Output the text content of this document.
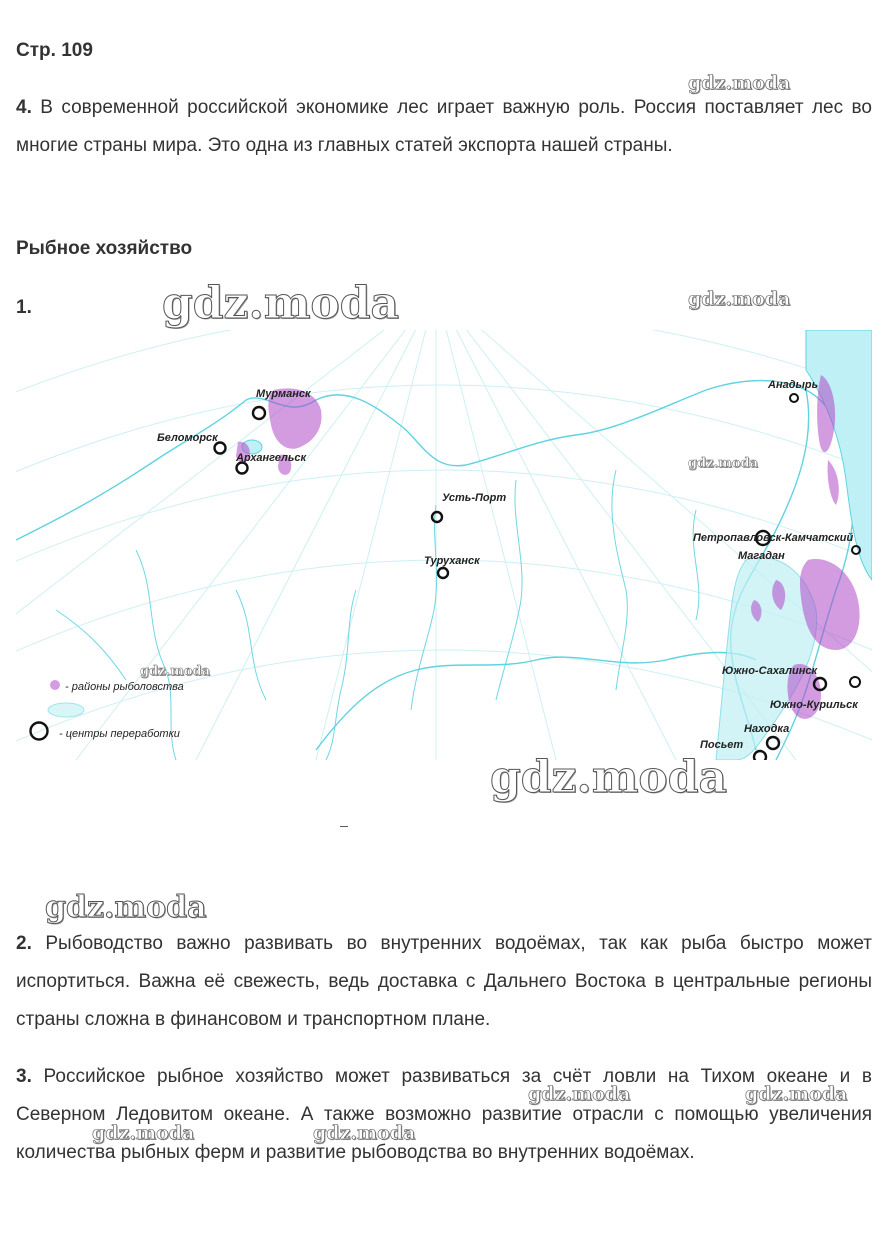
Стр. 109

4. В современной российской экономике лес играет важную роль. Россия поставляет лес во многие страны мира. Это одна из главных статей экспорта нашей страны.

Рыбное хозяйство
1.
Мурманск
Беломорск
Архангельск
Усть-Порт
Туруханск
Анадырь
Петропавловск-Камчатский
Магадан
Южно-Сахалинск
Южно-Курильск
Находка
Посьет
- районы рыболовства
- центры переработки

2. Рыбоводство важно развивать во внутренних водоёмах, так как рыба быстро может испортиться. Важна её свежесть, ведь доставка с Дальнего Востока в центральные регионы страны сложна в финансовом и транспортном плане.

3. Российское рыбное хозяйство может развиваться за счёт ловли на Тихом океане и в Северном Ледовитом океане. А также возможно развитие отрасли с помощью увеличения количества рыбных ферм и развитие рыбоводства во внутренних водоёмах.

gdz.moda
gdz.moda	gdz.moda
gdz.moda
gdz.moda
gdz.moda
gdz.moda
gdz.moda	gdz.moda
gdz.moda	gdz.moda
